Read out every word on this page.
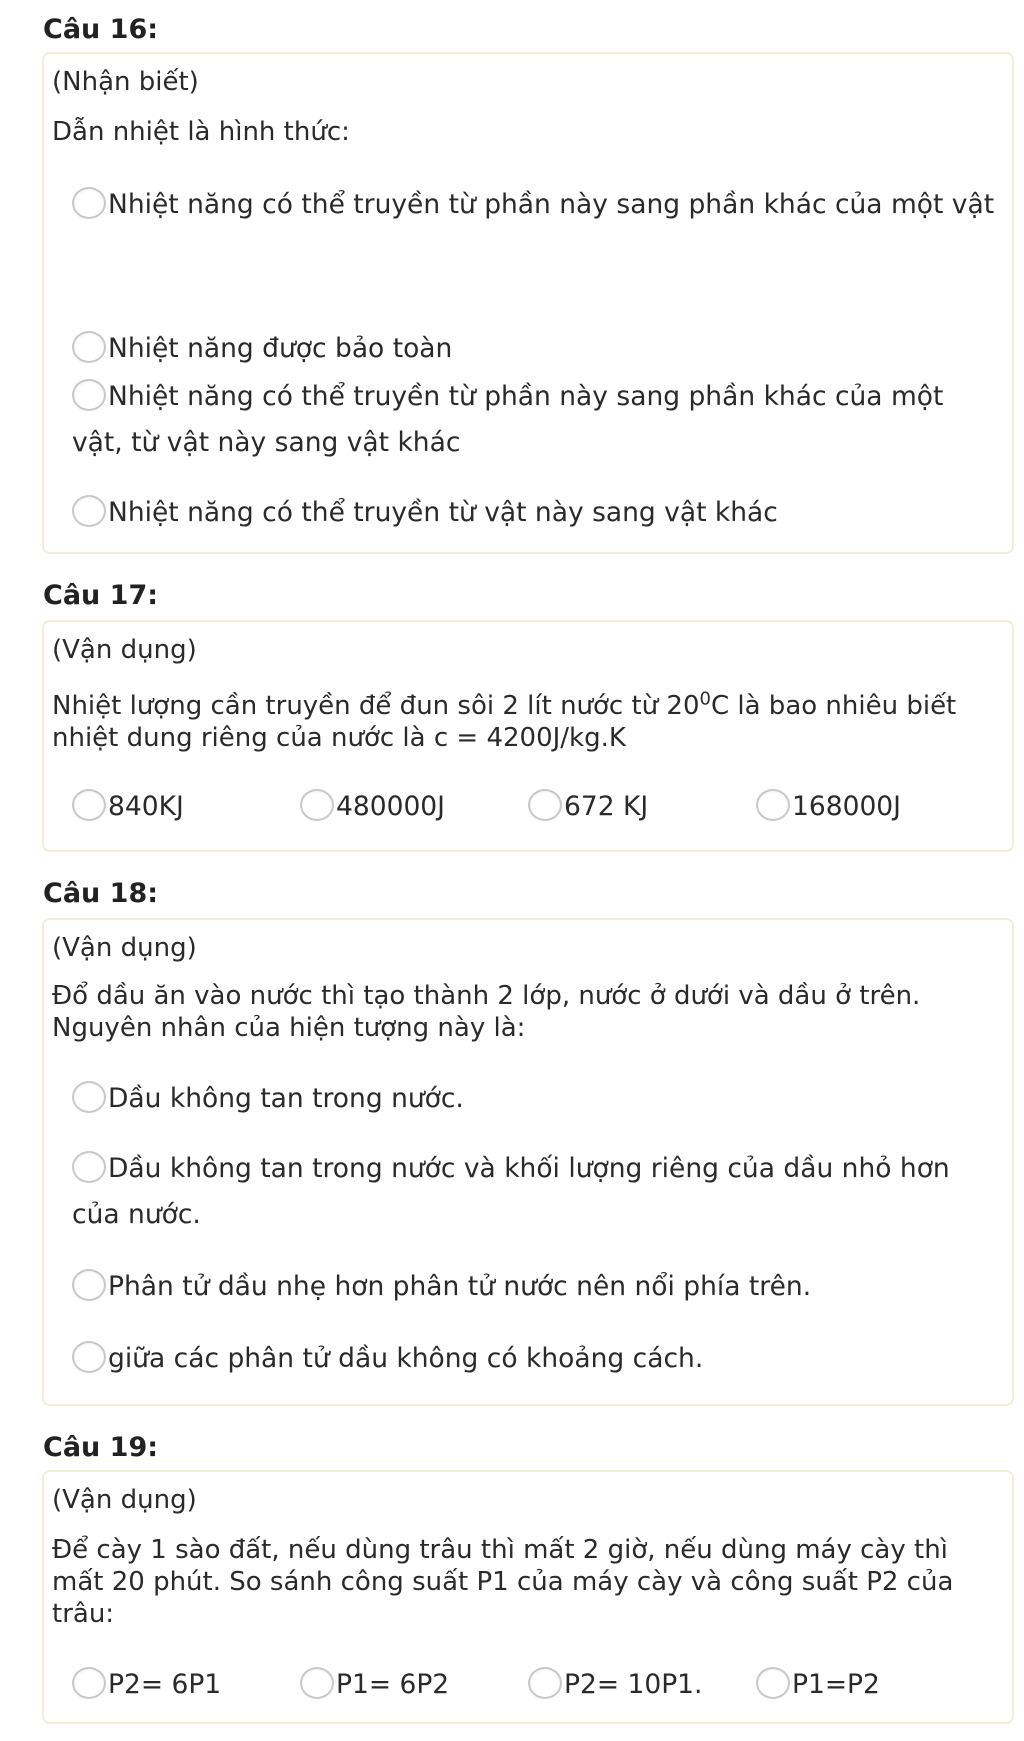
Câu 16:
(Nhận biết)
Dẫn nhiệt là hình thức:
Nhiệt năng có thể truyền từ phần này sang phần khác của một vật
Nhiệt năng được bảo toàn
Nhiệt năng có thể truyền từ phần này sang phần khác của một vật, từ vật này sang vật khác
Nhiệt năng có thể truyền từ vật này sang vật khác
Câu 17:
(Vận dụng)
Nhiệt lượng cần truyền để đun sôi 2 lít nước từ $20^0C$ là bao nhiêu biết nhiệt dung riêng của nước là c = 4200J/kg.K
840KJ	480000J	672 KJ	168000J
Câu 18:
(Vận dụng)
Đổ dầu ăn vào nước thì tạo thành 2 lớp, nước ở dưới và dầu ở trên. Nguyên nhân của hiện tượng này là:
Dầu không tan trong nước.
Dầu không tan trong nước và khối lượng riêng của dầu nhỏ hơn của nước.
Phân tử dầu nhẹ hơn phân tử nước nên nổi phía trên.
giữa các phân tử dầu không có khoảng cách.
Câu 19:
(Vận dụng)
Để cày 1 sào đất, nếu dùng trâu thì mất 2 giờ, nếu dùng máy cày thì mất 20 phút. So sánh công suất P1 của máy cày và công suất P2 của trâu:
P2= 6P1	P1= 6P2	P2= 10P1.	P1=P2
